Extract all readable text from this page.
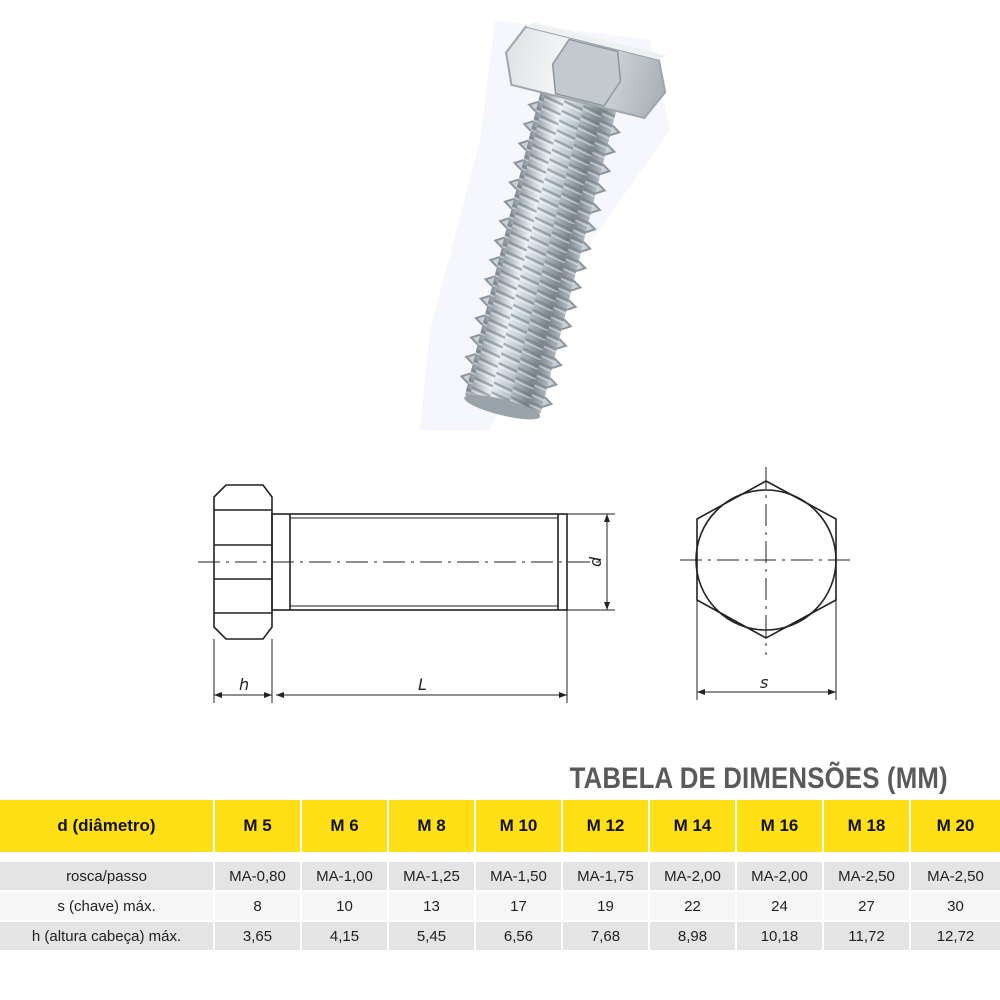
h	L
d
s
TABELA DE DIMENSÕES (MM)
d (diâmetro)	M 5	M 6	M 8	M 10	M 12	M 14	M 16	M 18	M 20

rosca/passo	MA-0,80	MA-1,00	MA-1,25	MA-1,50	MA-1,75	MA-2,00	MA-2,00	MA-2,50	MA-2,50
s (chave) máx.	8	10	13	17	19	22	24	27	30
h (altura cabeça) máx.	3,65	4,15	5,45	6,56	7,68	8,98	10,18	11,72	12,72
